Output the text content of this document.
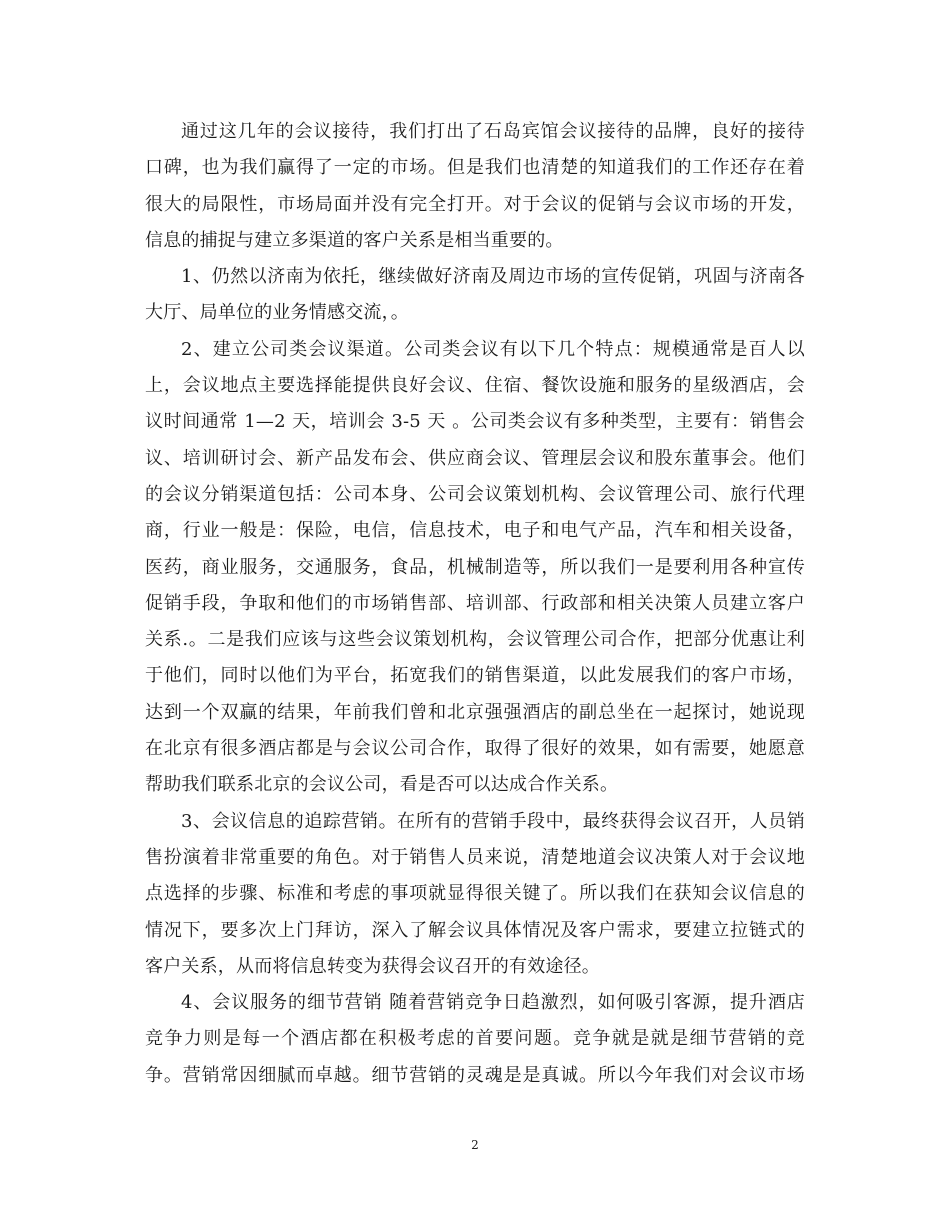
通过这几年的会议接待，我们打出了石岛宾馆会议接待的品牌，良好的接待
口碑，也为我们赢得了一定的市场。但是我们也清楚的知道我们的工作还存在着
很大的局限性，市场局面并没有完全打开。对于会议的促销与会议市场的开发，
信息的捕捉与建立多渠道的客户关系是相当重要的。
1、仍然以济南为依托，继续做好济南及周边市场的宣传促销，巩固与济南各
大厅、局单位的业务情感交流，。
2、建立公司类会议渠道。公司类会议有以下几个特点：规模通常是百人以
上，会议地点主要选择能提供良好会议、住宿、餐饮设施和服务的星级酒店，会
议时间通常 1—2 天，培训会 3-5 天 。公司类会议有多种类型，主要有：销售会
议、培训研讨会、新产品发布会、供应商会议、管理层会议和股东董事会。他们
的会议分销渠道包括：公司本身、公司会议策划机构、会议管理公司、旅行代理
商，行业一般是：保险，电信，信息技术，电子和电气产品，汽车和相关设备，
医药，商业服务，交通服务，食品，机械制造等，所以我们一是要利用各种宣传
促销手段，争取和他们的市场销售部、培训部、行政部和相关决策人员建立客户
关系.。二是我们应该与这些会议策划机构，会议管理公司合作，把部分优惠让利
于他们，同时以他们为平台，拓宽我们的销售渠道，以此发展我们的客户市场，
达到一个双赢的结果，年前我们曾和北京强强酒店的副总坐在一起探讨，她说现
在北京有很多酒店都是与会议公司合作，取得了很好的效果，如有需要，她愿意
帮助我们联系北京的会议公司，看是否可以达成合作关系。
3、会议信息的追踪营销。在所有的营销手段中，最终获得会议召开，人员销
售扮演着非常重要的角色。对于销售人员来说，清楚地道会议决策人对于会议地
点选择的步骤、标准和考虑的事项就显得很关键了。所以我们在获知会议信息的
情况下，要多次上门拜访，深入了解会议具体情况及客户需求，要建立拉链式的
客户关系，从而将信息转变为获得会议召开的有效途径。
4、会议服务的细节营销 随着营销竞争日趋激烈，如何吸引客源，提升酒店
竞争力则是每一个酒店都在积极考虑的首要问题。竞争就是就是细节营销的竞
争。营销常因细腻而卓越。细节营销的灵魂是是真诚。所以今年我们对会议市场
2
